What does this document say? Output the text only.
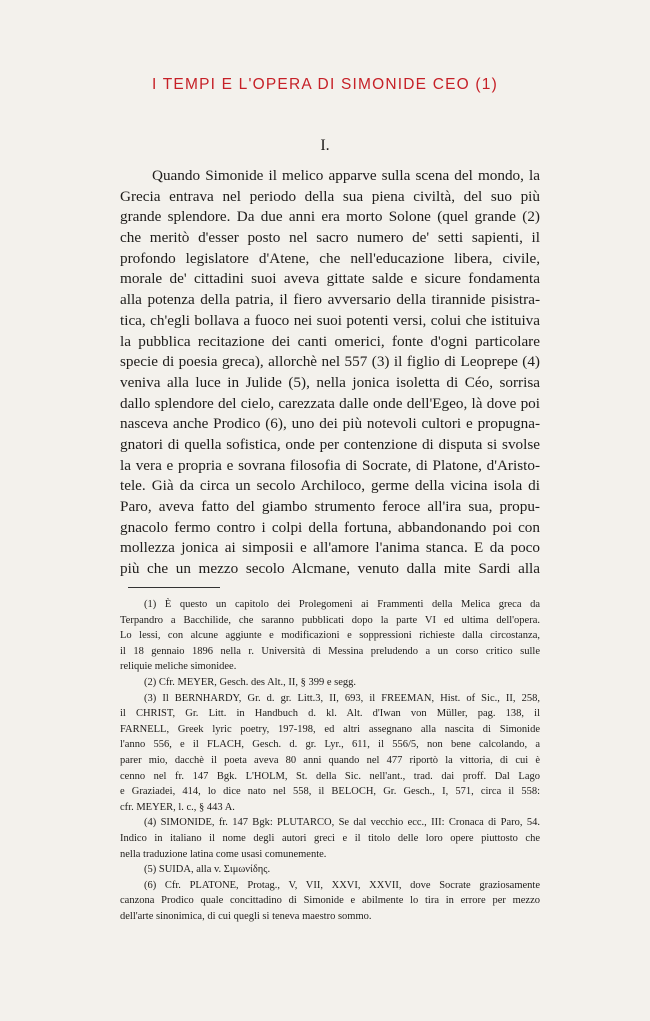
I TEMPI E L'OPERA DI SIMONIDE CEO (1)
I.
Quando Simonide il melico apparve sulla scena del mondo, la
Grecia entrava nel periodo della sua piena civiltà, del suo più
grande splendore. Da due anni era morto Solone (quel grande (2)
che meritò d'esser posto nel sacro numero de' setti sapienti, il
profondo legislatore d'Atene, che nell'educazione libera, civile,
morale de' cittadini suoi aveva gittate salde e sicure fondamenta
alla potenza della patria, il fiero avversario della tirannide pisistra-
tica, ch'egli bollava a fuoco nei suoi potenti versi, colui che istituiva
la pubblica recitazione dei canti omerici, fonte d'ogni particolare
specie di poesia greca), allorchè nel 557 (3) il figlio di Leoprepe (4)
veniva alla luce in Julide (5), nella jonica isoletta di Céo, sorrisa
dallo splendore del cielo, carezzata dalle onde dell'Egeo, là dove poi
nasceva anche Prodico (6), uno dei più notevoli cultori e propugna-
gnatori di quella sofistica, onde per contenzione di disputa si svolse
la vera e propria e sovrana filosofia di Socrate, di Platone, d'Aristo-
tele. Già da circa un secolo Archiloco, germe della vicina isola di
Paro, aveva fatto del giambo strumento feroce all'ira sua, propu-
gnacolo fermo contro i colpi della fortuna, abbandonando poi con
mollezza jonica ai simposii e all'amore l'anima stanca. E da poco
più che un mezzo secolo Alcmane, venuto dalla mite Sardi alla
(1) È questo un capitolo dei Prolegomeni ai Frammenti della Melica greca da
Terpandro a Bacchilide, che saranno pubblicati dopo la parte VI ed ultima dell'opera.
Lo lessi, con alcune aggiunte e modificazioni e soppressioni richieste dalla circostanza,
il 18 gennaio 1896 nella r. Università di Messina preludendo a un corso critico sulle
reliquie meliche simonidee.
(2) Cfr. MEYER, Gesch. des Alt., II, § 399 e segg.
(3) Il BERNHARDY, Gr. d. gr. Litt.3, II, 693, il FREEMAN, Hist. of Sic., II, 258,
il CHRIST, Gr. Litt. in Handbuch d. kl. Alt. d'Iwan von Müller, pag. 138, il
FARNELL, Greek lyric poetry, 197-198, ed altri assegnano alla nascita di Simonide
l'anno 556, e il FLACH, Gesch. d. gr. Lyr., 611, il 556/5, non bene calcolando, a
parer mio, dacchè il poeta aveva 80 anni quando nel 477 riportò la vittoria, di cui è
cenno nel fr. 147 Bgk. L'HOLM, St. della Sic. nell'ant., trad. dai proff. Dal Lago
e Graziadei, 414, lo dice nato nel 558, il BELOCH, Gr. Gesch., I, 571, circa il 558:
cfr. MEYER, l. c., § 443 A.
(4) SIMONIDE, fr. 147 Bgk: PLUTARCO, Se dal vecchio ecc., III: Cronaca di Paro, 54.
Indico in italiano il nome degli autori greci e il titolo delle loro opere piuttosto che
nella traduzione latina come usasi comunemente.
(5) SUIDA, alla v. Σιμωνίδης.
(6) Cfr. PLATONE, Protag., V, VII, XXVI, XXVII, dove Socrate graziosamente
canzona Prodico quale concittadino di Simonide e abilmente lo tira in errore per mezzo
dell'arte sinonimica, di cui quegli si teneva maestro sommo.
